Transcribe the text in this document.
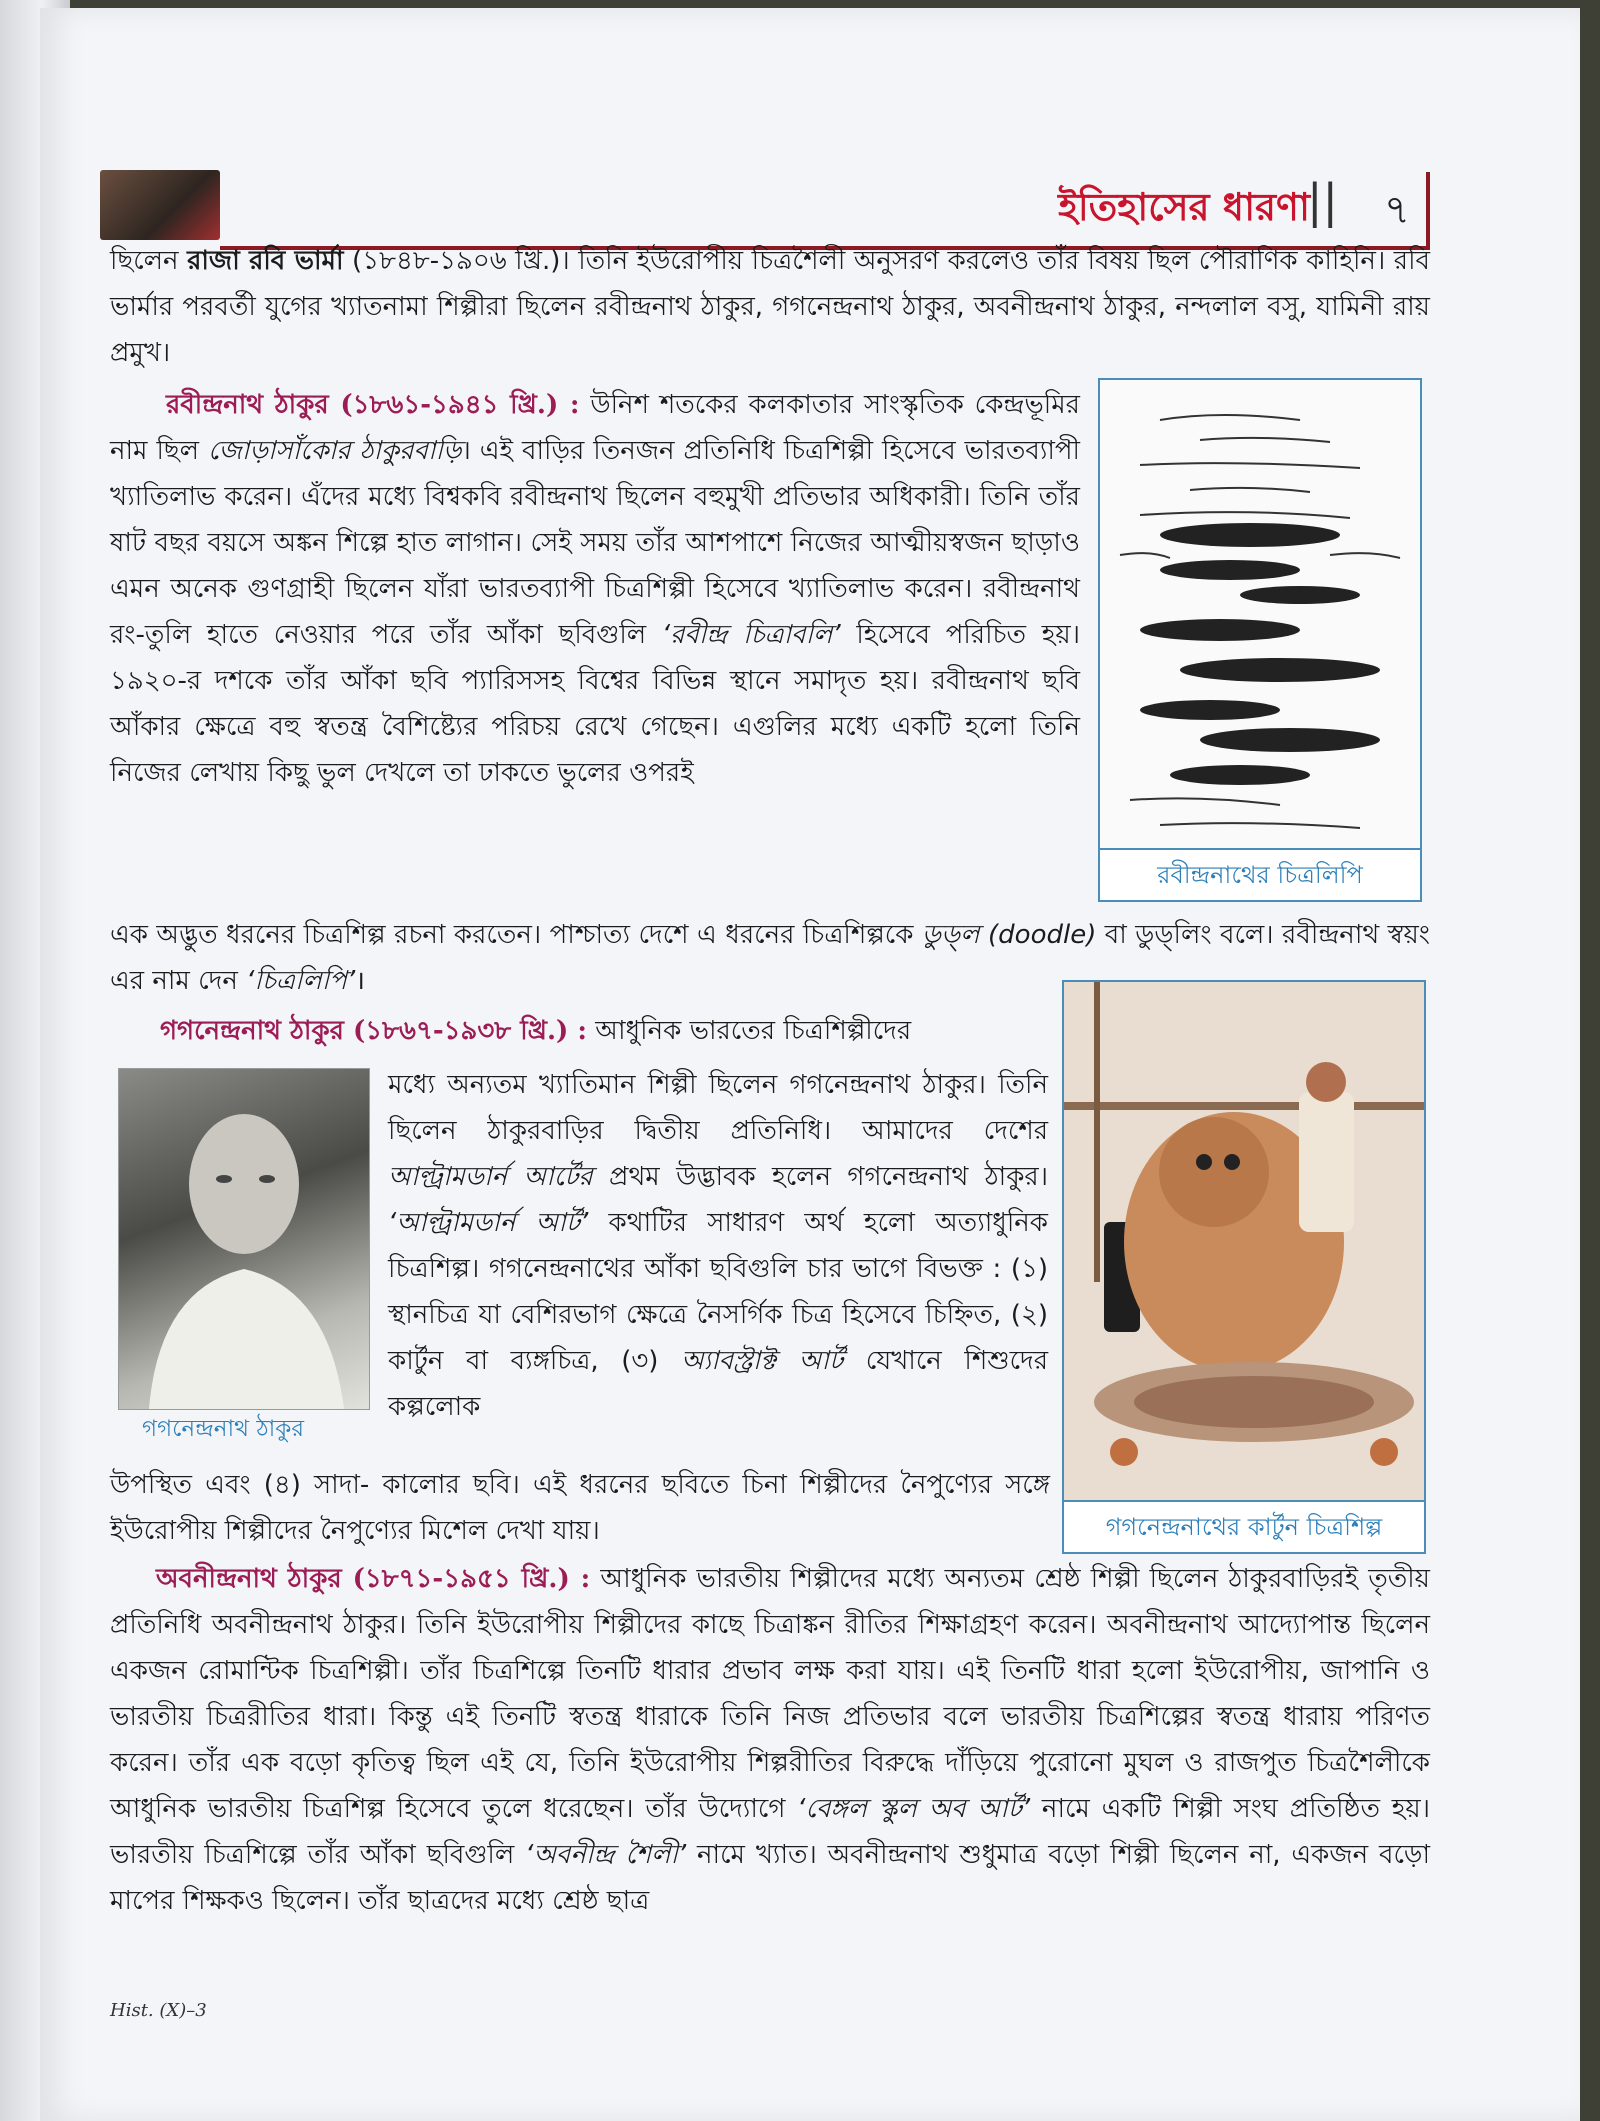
ইতিহাসের ধারণা
|| ৭
ছিলেন রাজা রবি ভার্মা (১৮৪৮-১৯০৬ খ্রি.)। তিনি ইউরোপীয় চিত্রশৈলী অনুসরণ করলেও তাঁর বিষয় ছিল পৌরাণিক কাহিনি। রবি ভার্মার পরবর্তী যুগের খ্যাতনামা শিল্পীরা ছিলেন রবীন্দ্রনাথ ঠাকুর, গগনেন্দ্রনাথ ঠাকুর, অবনীন্দ্রনাথ ঠাকুর, নন্দলাল বসু, যামিনী রায় প্রমুখ।
রবীন্দ্রনাথ ঠাকুর (১৮৬১-১৯৪১ খ্রি.) : উনিশ শতকের কলকাতার সাংস্কৃতিক কেন্দ্রভূমির নাম ছিল জোড়াসাঁকোর ঠাকুরবাড়ি। এই বাড়ির তিনজন প্রতিনিধি চিত্রশিল্পী হিসেবে ভারতব্যাপী খ্যাতিলাভ করেন। এঁদের মধ্যে বিশ্বকবি রবীন্দ্রনাথ ছিলেন বহুমুখী প্রতিভার অধিকারী। তিনি তাঁর ষাট বছর বয়সে অঙ্কন শিল্পে হাত লাগান। সেই সময় তাঁর আশপাশে নিজের আত্মীয়স্বজন ছাড়াও এমন অনেক গুণগ্রাহী ছিলেন যাঁরা ভারতব্যাপী চিত্রশিল্পী হিসেবে খ্যাতিলাভ করেন। রবীন্দ্রনাথ রং-তুলি হাতে নেওয়ার পরে তাঁর আঁকা ছবিগুলি ‘রবীন্দ্র চিত্রাবলি’ হিসেবে পরিচিত হয়। ১৯২০-র দশকে তাঁর আঁকা ছবি প্যারিসসহ বিশ্বের বিভিন্ন স্থানে সমাদৃত হয়। রবীন্দ্রনাথ ছবি আঁকার ক্ষেত্রে বহু স্বতন্ত্র বৈশিষ্ট্যের পরিচয় রেখে গেছেন। এগুলির মধ্যে একটি হলো তিনি নিজের লেখায় কিছু ভুল দেখলে তা ঢাকতে ভুলের ওপরই
রবীন্দ্রনাথের চিত্রলিপি
এক অদ্ভুত ধরনের চিত্রশিল্প রচনা করতেন। পাশ্চাত্য দেশে এ ধরনের চিত্রশিল্পকে ডুড্‌ল (doodle) বা ডুড্‌লিং বলে। রবীন্দ্রনাথ স্বয়ং এর নাম দেন ‘চিত্রলিপি’।
গগনেন্দ্রনাথ ঠাকুর (১৮৬৭-১৯৩৮ খ্রি.) : আধুনিক ভারতের চিত্রশিল্পীদের
গগনেন্দ্রনাথ ঠাকুর
মধ্যে অন্যতম খ্যাতিমান শিল্পী ছিলেন গগনেন্দ্রনাথ ঠাকুর। তিনি ছিলেন ঠাকুরবাড়ির দ্বিতীয় প্রতিনিধি। আমাদের দেশের আল্ট্রামডার্ন আর্টের প্রথম উদ্ভাবক হলেন গগনেন্দ্রনাথ ঠাকুর। ‘আল্ট্রামডার্ন আর্ট’ কথাটির সাধারণ অর্থ হলো অত্যাধুনিক চিত্রশিল্প। গগনেন্দ্রনাথের আঁকা ছবিগুলি চার ভাগে বিভক্ত : (১) স্থানচিত্র যা বেশিরভাগ ক্ষেত্রে নৈসর্গিক চিত্র হিসেবে চিহ্নিত, (২) কার্টুন বা ব্যঙ্গচিত্র, (৩) অ্যাবস্ট্রাক্ট আর্ট যেখানে শিশুদের কল্পলোক
গগনেন্দ্রনাথের কার্টুন চিত্রশিল্প
উপস্থিত এবং (৪) সাদা- কালোর ছবি। এই ধরনের ছবিতে চিনা শিল্পীদের নৈপুণ্যের সঙ্গে ইউরোপীয় শিল্পীদের নৈপুণ্যের মিশেল দেখা যায়।
অবনীন্দ্রনাথ ঠাকুর (১৮৭১-১৯৫১ খ্রি.) : আধুনিক ভারতীয় শিল্পীদের মধ্যে অন্যতম শ্রেষ্ঠ শিল্পী ছিলেন ঠাকুরবাড়িরই তৃতীয় প্রতিনিধি অবনীন্দ্রনাথ ঠাকুর। তিনি ইউরোপীয় শিল্পীদের কাছে চিত্রাঙ্কন রীতির শিক্ষাগ্রহণ করেন। অবনীন্দ্রনাথ আদ্যোপান্ত ছিলেন একজন রোমান্টিক চিত্রশিল্পী। তাঁর চিত্রশিল্পে তিনটি ধারার প্রভাব লক্ষ করা যায়। এই তিনটি ধারা হলো ইউরোপীয়, জাপানি ও ভারতীয় চিত্ররীতির ধারা। কিন্তু এই তিনটি স্বতন্ত্র ধারাকে তিনি নিজ প্রতিভার বলে ভারতীয় চিত্রশিল্পের স্বতন্ত্র ধারায় পরিণত করেন। তাঁর এক বড়ো কৃতিত্ব ছিল এই যে, তিনি ইউরোপীয় শিল্পরীতির বিরুদ্ধে দাঁড়িয়ে পুরোনো মুঘল ও রাজপুত চিত্রশৈলীকে আধুনিক ভারতীয় চিত্রশিল্প হিসেবে তুলে ধরেছেন। তাঁর উদ্যোগে ‘বেঙ্গল স্কুল অব আর্ট’ নামে একটি শিল্পী সংঘ প্রতিষ্ঠিত হয়। ভারতীয় চিত্রশিল্পে তাঁর আঁকা ছবিগুলি ‘অবনীন্দ্র শৈলী’ নামে খ্যাত। অবনীন্দ্রনাথ শুধুমাত্র বড়ো শিল্পী ছিলেন না, একজন বড়ো মাপের শিক্ষকও ছিলেন। তাঁর ছাত্রদের মধ্যে শ্রেষ্ঠ ছাত্র
Hist. (X)–3
